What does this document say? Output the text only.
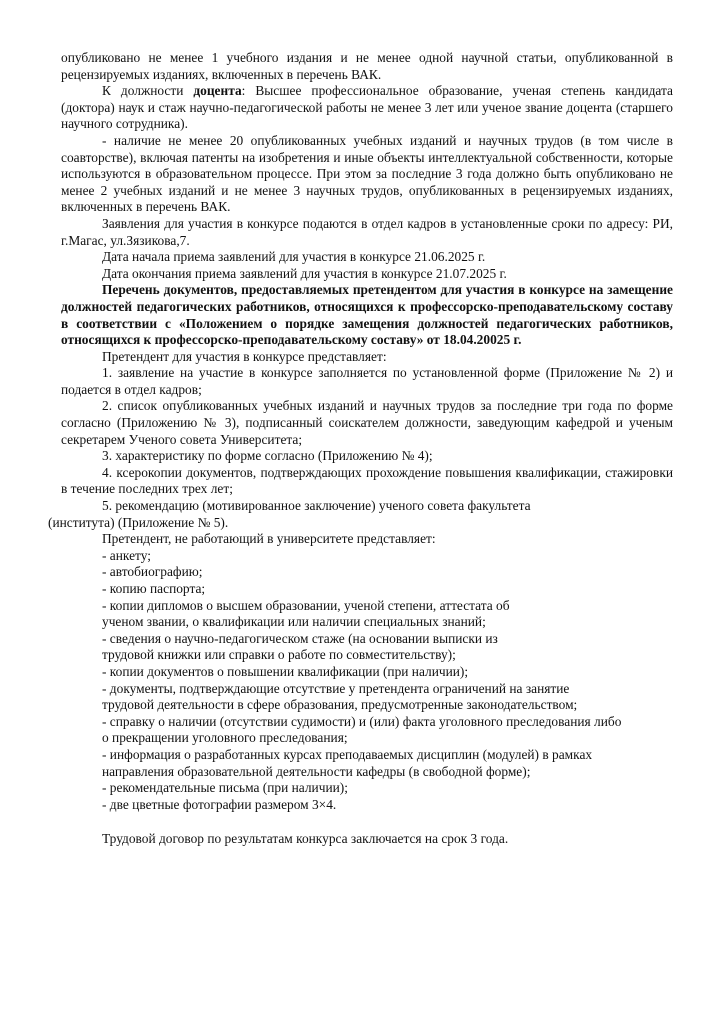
опубликовано не менее 1 учебного издания и не менее одной научной статьи, опубликованной в рецензируемых изданиях, включенных в перечень ВАК.

К должности доцента: Высшее профессиональное образование, ученая степень кандидата (доктора) наук и стаж научно-педагогической работы не менее 3 лет или ученое звание доцента (старшего научного сотрудника).

- наличие не менее 20 опубликованных учебных изданий и научных трудов (в том числе в соавторстве), включая патенты на изобретения и иные объекты интеллектуальной собственности, которые используются в образовательном процессе. При этом за последние 3 года должно быть опубликовано не менее 2 учебных изданий и не менее 3 научных трудов, опубликованных в рецензируемых изданиях, включенных в перечень ВАК.

Заявления для участия в конкурсе подаются в отдел кадров в установленные сроки по адресу: РИ, г.Магас, ул.Зязикова,7.

Дата начала приема заявлений для участия в конкурсе 21.06.2025 г.

Дата окончания приема заявлений для участия в конкурсе 21.07.2025 г.

Перечень документов, предоставляемых претендентом для участия в конкурсе на замещение должностей педагогических работников, относящихся к профессорско-преподавательскому составу в соответствии с «Положением о порядке замещения должностей педагогических работников, относящихся к профессорско-преподавательскому составу» от 18.04.20025 г.

Претендент для участия в конкурсе представляет:

1. заявление на участие в конкурсе заполняется по установленной форме (Приложение № 2) и подается в отдел кадров;

2. список опубликованных учебных изданий и научных трудов за последние три года по форме согласно (Приложению № 3), подписанный соискателем должности, заведующим кафедрой и ученым секретарем Ученого совета Университета;

3. характеристику по форме согласно (Приложению № 4);

4. ксерокопии документов, подтверждающих прохождение повышения квалификации, стажировки в течение последних трех лет;

5. рекомендацию (мотивированное заключение) ученого совета факультета

(института) (Приложение № 5).

Претендент, не работающий в университете представляет:

- анкету;

- автобиографию;

- копию паспорта;

- копии дипломов о высшем образовании, ученой степени, аттестата об

ученом звании, о квалификации или наличии специальных знаний;

- сведения о научно-педагогическом стаже (на основании выписки из

трудовой книжки или справки о работе по совместительству);

- копии документов о повышении квалификации (при наличии);

- документы, подтверждающие отсутствие у претендента ограничений на занятие

трудовой деятельности в сфере образования, предусмотренные законодательством;

- справку о наличии (отсутствии судимости) и (или) факта уголовного преследования либо

о прекращении уголовного преследования;

- информация о разработанных курсах преподаваемых дисциплин (модулей) в рамках

направления образовательной деятельности кафедры (в свободной форме);

- рекомендательные письма (при наличии);

- две цветные фотографии размером 3×4.

Трудовой договор по результатам конкурса заключается на срок 3 года.
